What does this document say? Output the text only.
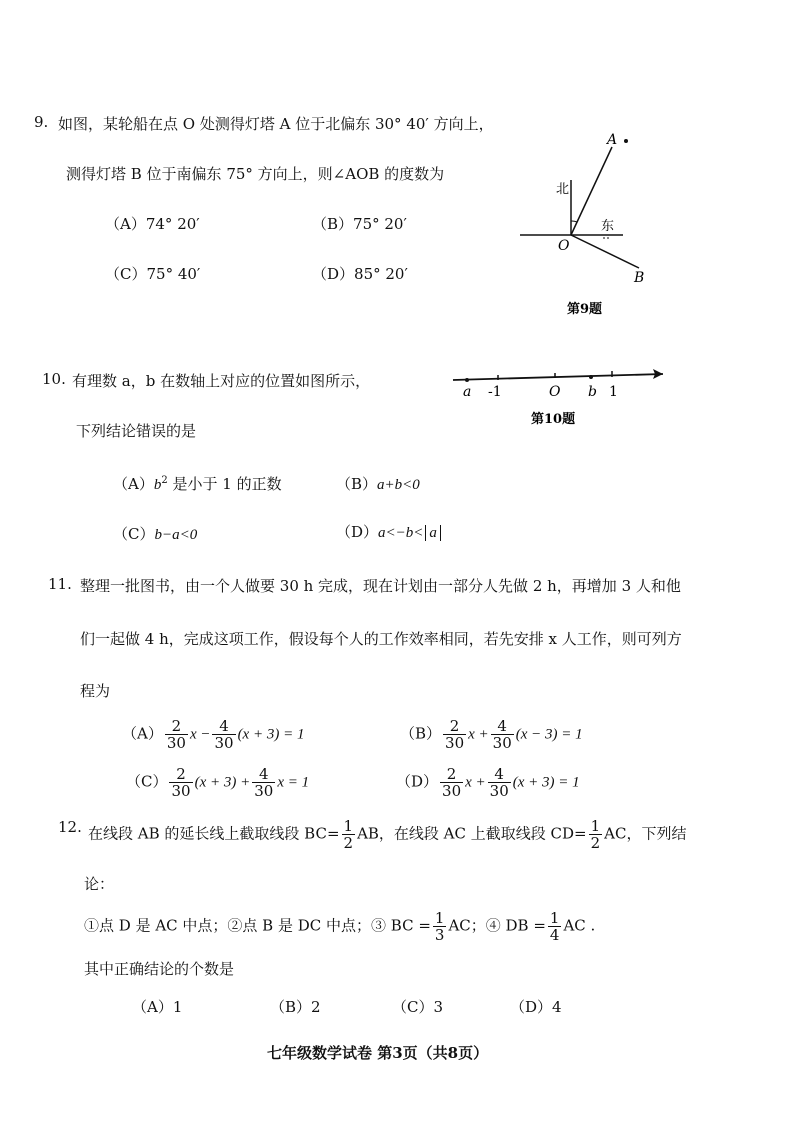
9. 如图，某轮船在点 O 处测得灯塔 A 位于北偏东 30° 40′ 方向上，
测得灯塔 B 位于南偏东 75° 方向上，则∠AOB 的度数为
（A）74° 20′	（B）75° 20′
（C）75° 40′	（D）85° 20′
A
B
O
北
东
第9题
10. 有理数 a，b 在数轴上对应的位置如图所示，
下列结论错误的是
a -1	O b 1
第10题
$(A)b^2$ 是小于 1 的正数	（B）a+b<0
（C）b−a<0	（D）a<−b< a
11. 整理一批图书，由一个人做要 30 h 完成，现在计划由一部分人先做 2 h，再增加 3 人和他
们一起做 4 h，完成这项工作，假设每个人的工作效率相同，若先安排 x 人工作，则可列方
程为
$(A) \frac{2}{30}$ $x - \frac{4}{30} (x + 3) = 1$	$(B) \frac{2}{30}$ $x + \frac{4}{30} (x - 3) = 1$
$(C) \frac{2}{30} (x + 3) + \frac{4}{30}$ x = 1	$(D) \frac{2}{30}$ $x + \frac{4}{30} (x + 3) = 1$
12. 在线段 AB 的延长线上截取线段 $BC= \frac{1}{2}$ AB，在线段 AC 上截取线段 $CD= \frac{1}{2}$ AC，下列结
论：
①点 D 是 AC 中点；②点 B 是 DC 中点；③ BC = $\frac{1}{3}$ AC；④ DB = $\frac{1}{4}$ AC .
其中正确结论的个数是
（A）1	（B）2	（C）3	（D）4
七年级数学试卷 第3页（共8页）
